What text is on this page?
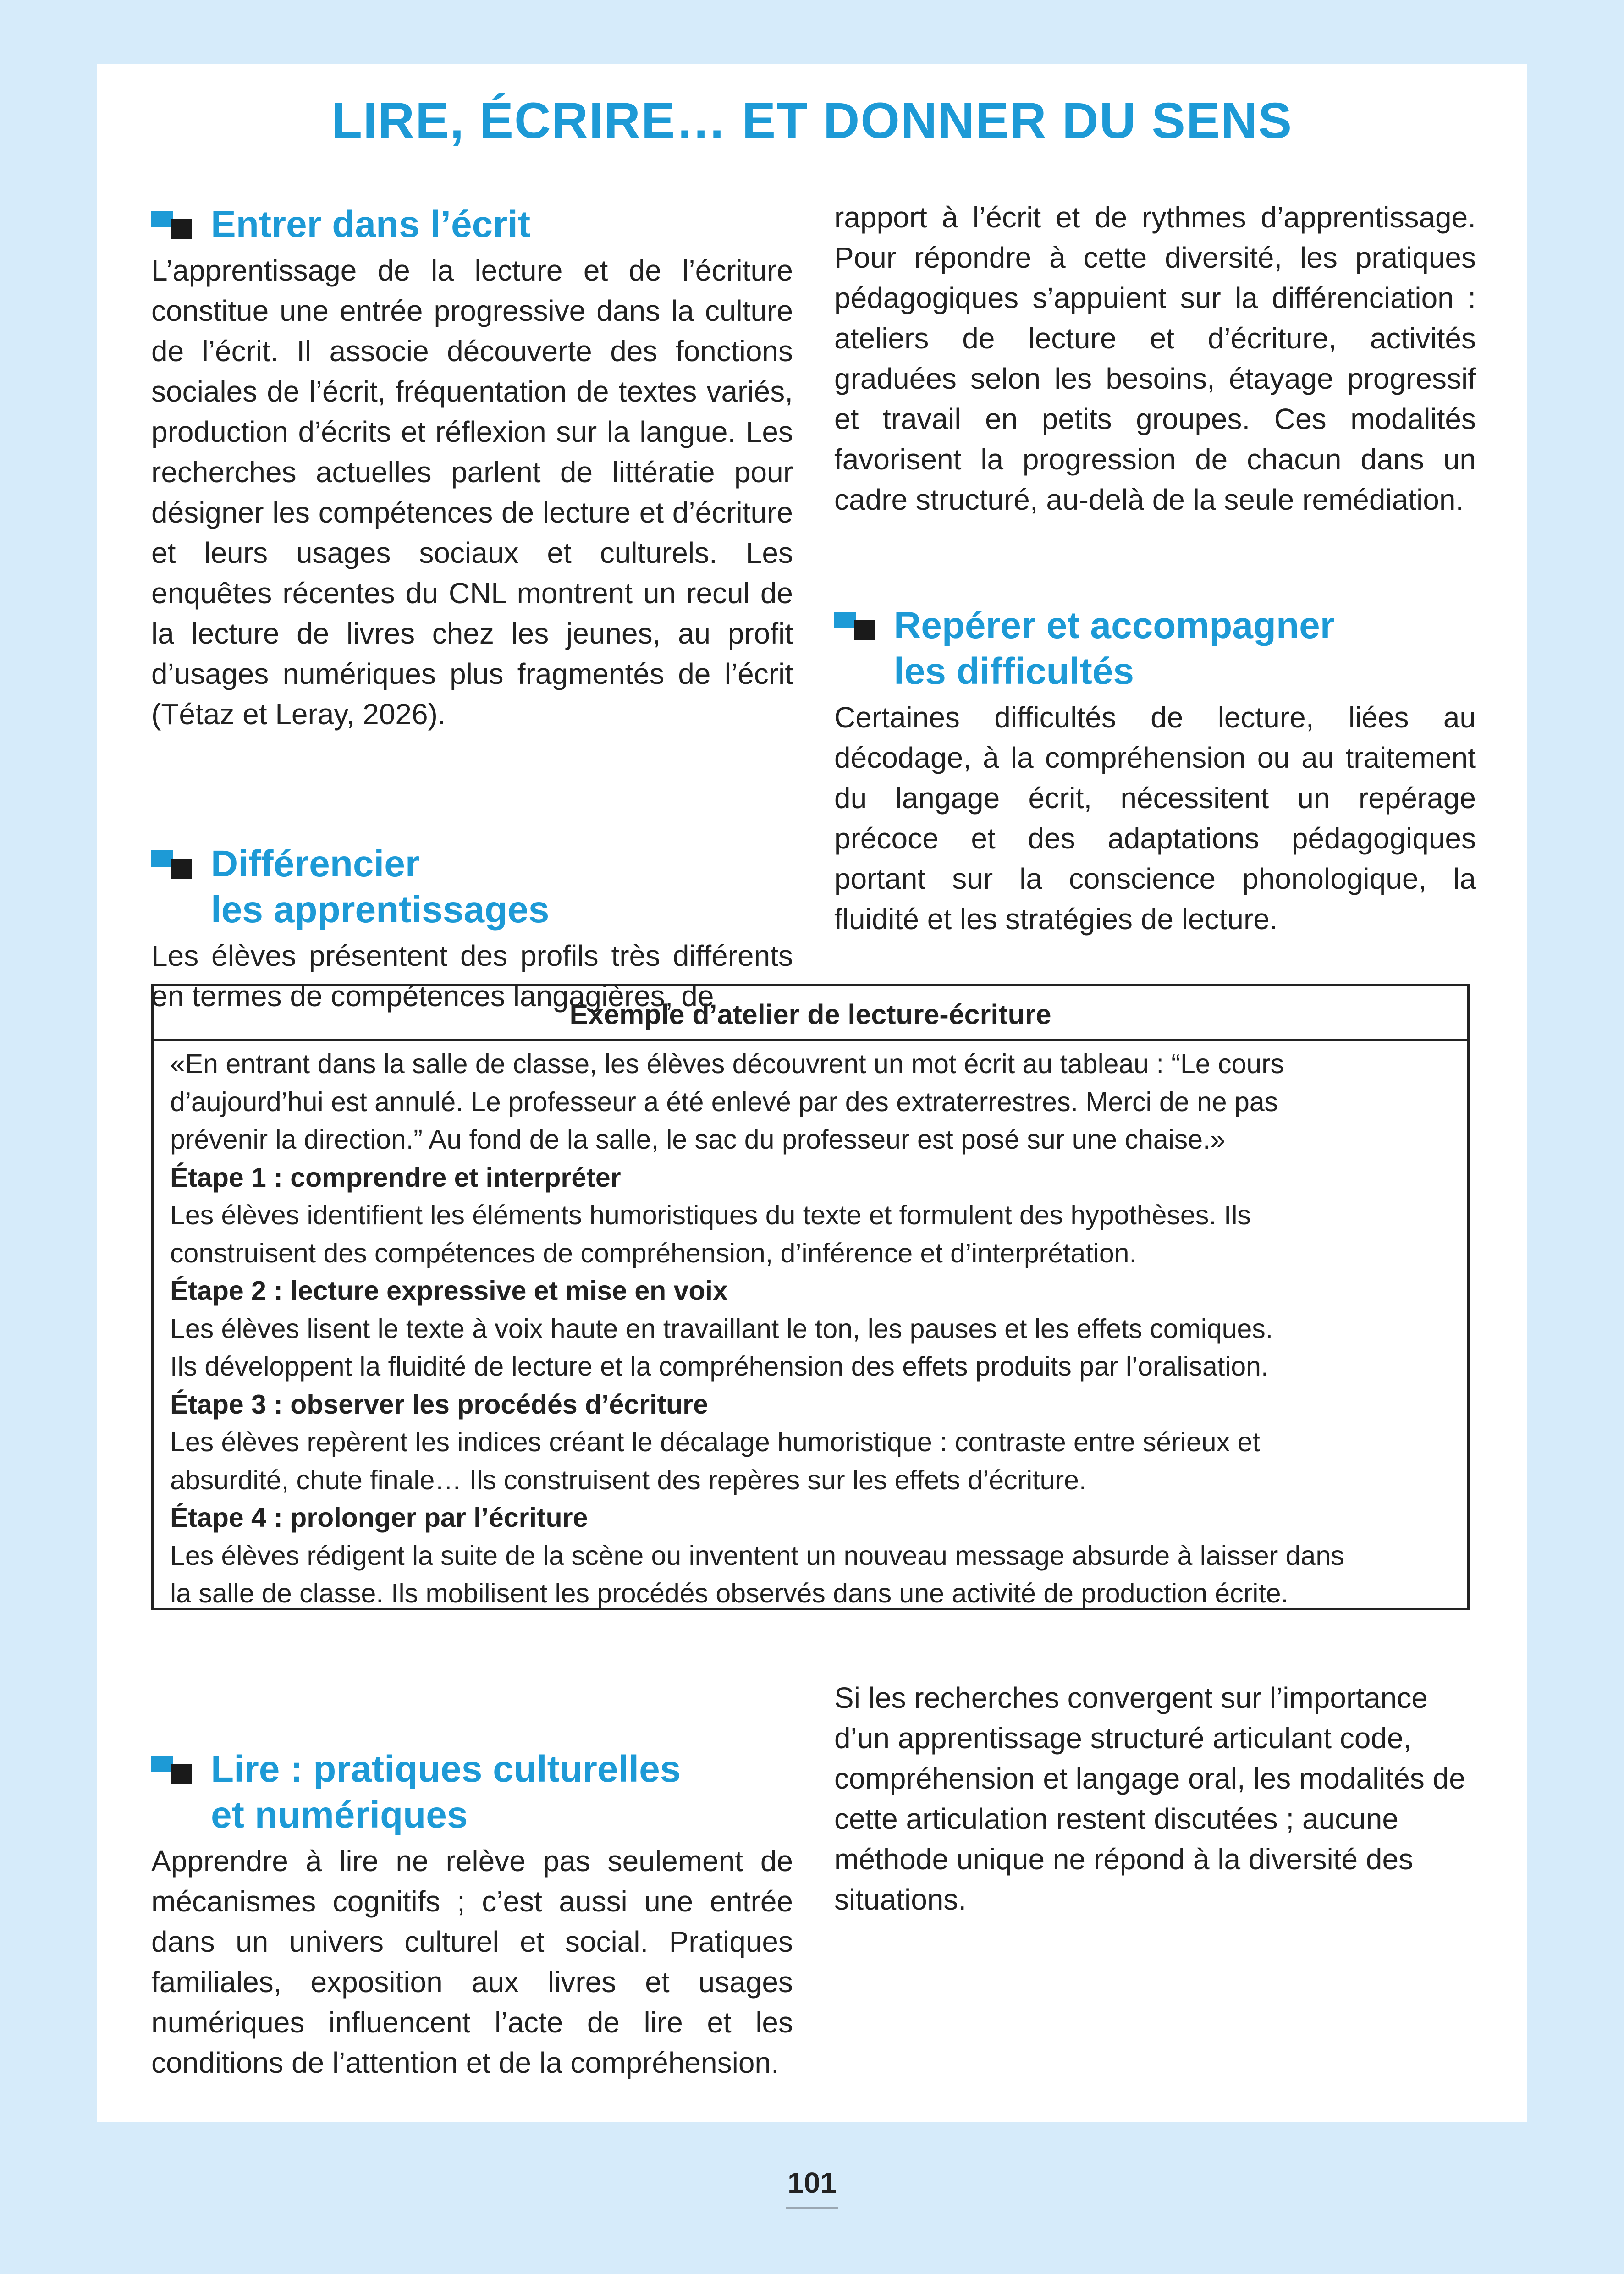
LIRE, ÉCRIRE… ET DONNER DU SENS
Entrer dans l’écrit

L’apprentissage de la lecture et de l’écriture constitue une entrée progressive dans la culture de l’écrit. Il associe découverte des fonctions sociales de l’écrit, fréquentation de textes variés, production d’écrits et réflexion sur la langue. Les recherches actuelles parlent de littératie pour désigner les compétences de lecture et d’écriture et leurs usages sociaux et culturels. Les enquêtes récentes du CNL montrent un recul de la lecture de livres chez les jeunes, au profit d’usages numériques plus fragmentés de l’écrit (Tétaz et Leray, 2026).

Différencier
les apprentissages

Les élèves présentent des profils très différents en termes de compétences langagières, de

Lire : pratiques culturelles
et numériques

Apprendre à lire ne relève pas seulement de mécanismes cognitifs ; c’est aussi une entrée dans un univers culturel et social. Pratiques familiales, exposition aux livres et usages numériques influencent l’acte de lire et les conditions de l’attention et de la compréhension.

rapport à l’écrit et de rythmes d’apprentissage. Pour répondre à cette diversité, les pratiques pédagogiques s’appuient sur la différenciation : ateliers de lecture et d’écriture, activités graduées selon les besoins, étayage progressif et travail en petits groupes. Ces modalités favorisent la progression de chacun dans un cadre structuré, au-delà de la seule remédiation.

Repérer et accompagner
les difficultés

Certaines difficultés de lecture, liées au décodage, à la compréhension ou au traitement du langage écrit, nécessitent un repérage précoce et des adaptations pédagogiques portant sur la conscience phonologique, la fluidité et les stratégies de lecture.

Si les recherches convergent sur l’importance d’un apprentissage structuré articulant code, compréhension et langage oral, les modalités de cette articulation restent discutées ; aucune méthode unique ne répond à la diversité des situations.

Exemple d’atelier de lecture-écriture

«En entrant dans la salle de classe, les élèves découvrent un mot écrit au tableau : “Le cours

d’aujourd’hui est annulé. Le professeur a été enlevé par des extraterrestres. Merci de ne pas

prévenir la direction.” Au fond de la salle, le sac du professeur est posé sur une chaise.»

Étape 1 : comprendre et interpréter

Les élèves identifient les éléments humoristiques du texte et formulent des hypothèses. Ils

construisent des compétences de compréhension, d’inférence et d’interprétation.

Étape 2 : lecture expressive et mise en voix

Les élèves lisent le texte à voix haute en travaillant le ton, les pauses et les effets comiques.

Ils développent la fluidité de lecture et la compréhension des effets produits par l’oralisation.

Étape 3 : observer les procédés d’écriture

Les élèves repèrent les indices créant le décalage humoristique : contraste entre sérieux et

absurdité, chute finale… Ils construisent des repères sur les effets d’écriture.

Étape 4 : prolonger par l’écriture

Les élèves rédigent la suite de la scène ou inventent un nouveau message absurde à laisser dans

la salle de classe. Ils mobilisent les procédés observés dans une activité de production écrite.

101
